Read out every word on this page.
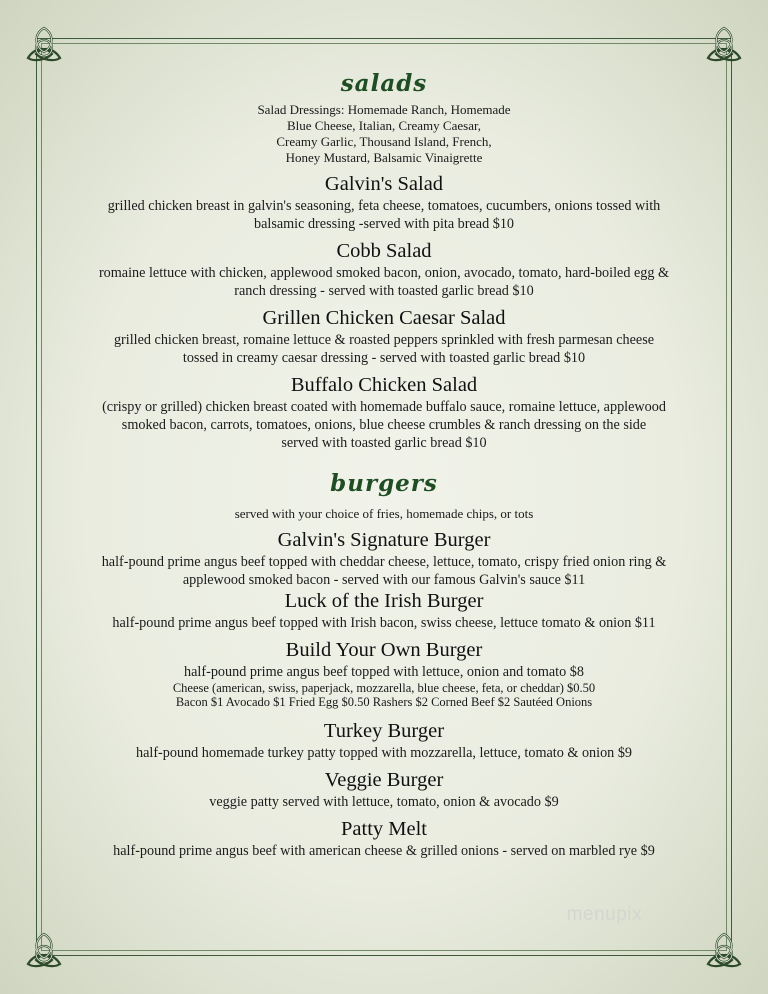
salads

Salad Dressings: Homemade Ranch, Homemade
Blue Cheese, Italian, Creamy Caesar,
Creamy Garlic, Thousand Island, French,
Honey Mustard, Balsamic Vinaigrette

Galvin's Salad

grilled chicken breast in galvin's seasoning, feta cheese, tomatoes, cucumbers, onions tossed with
balsamic dressing -served with pita bread $10

Cobb Salad

romaine lettuce with chicken, applewood smoked bacon, onion, avocado, tomato, hard-boiled egg &
ranch dressing - served with toasted garlic bread $10

Grillen Chicken Caesar Salad

grilled chicken breast, romaine lettuce & roasted peppers sprinkled with fresh parmesan cheese
tossed in creamy caesar dressing - served with toasted garlic bread $10

Buffalo Chicken Salad

(crispy or grilled) chicken breast coated with homemade buffalo sauce, romaine lettuce, applewood
smoked bacon, carrots, tomatoes, onions, blue cheese crumbles & ranch dressing on the side
served with toasted garlic bread $10

burgers

served with your choice of fries, homemade chips, or tots

Galvin's Signature Burger

half-pound prime angus beef topped with cheddar cheese, lettuce, tomato, crispy fried onion ring &
applewood smoked bacon - served with our famous Galvin's sauce $11

Luck of the Irish Burger

half-pound prime angus beef topped with Irish bacon, swiss cheese, lettuce tomato & onion $11

Build Your Own Burger

half-pound prime angus beef topped with lettuce, onion and tomato $8

Cheese (american, swiss, paperjack, mozzarella, blue cheese, feta, or cheddar) $0.50
Bacon $1 Avocado $1 Fried Egg $0.50 Rashers $2 Corned Beef $2 Sautéed Onions

Turkey Burger

half-pound homemade turkey patty topped with mozzarella, lettuce, tomato & onion $9

Veggie Burger

veggie patty served with lettuce, tomato, onion & avocado $9

Patty Melt

half-pound prime angus beef with american cheese & grilled onions - served on marbled rye $9

menupix
